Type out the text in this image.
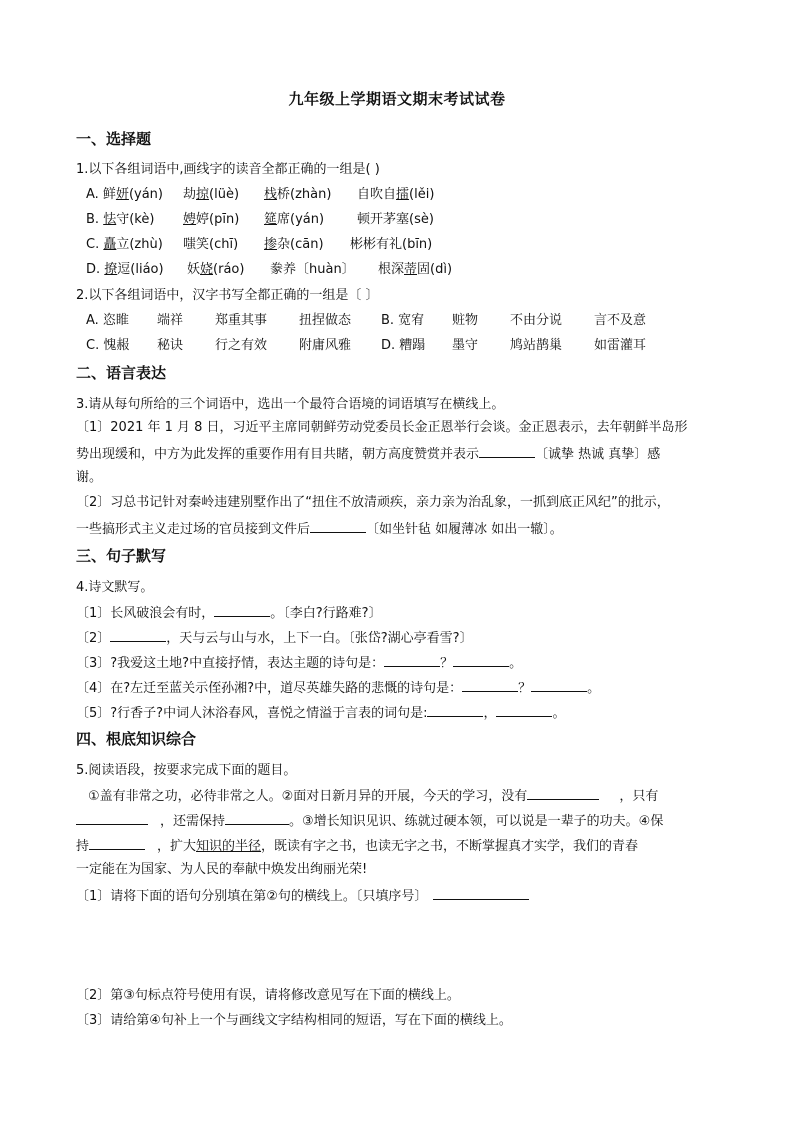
九年级上学期语文期末考试试卷
一、选择题
1.以下各组词语中,画线字的读音全都正确的一组是( )
A. 鲜妍(yán) 劫掠(lüè) 栈桥(zhàn) 自吹自擂(lěi)
B. 怯守(kè) 娉婷(pīn) 筵席(yán)	顿开茅塞(sè)
C. 矗立(zhù) 嗤笑(chī) 掺杂(cān) 彬彬有礼(bīn)
D. 撩逗(liáo) 妖娆(ráo) 豢养〔huàn〕 根深蒂固(dì)
2.以下各组词语中，汉字书写全都正确的一组是〔 〕
A. 恣睢 端祥 郑重其事 扭捏做态 B. 宽宥 赃物 不由分说 言不及意
C. 愧赧 秘诀 行之有效 附庸风雅 D. 糟蹋 墨守 鸠站鹊巢 如雷灌耳
二、语言表达
3.请从每句所给的三个词语中，选出一个最符合语境的词语填写在横线上。
〔1〕2021 年 1 月 8 日，习近平主席同朝鲜劳动党委员长金正恩举行会谈。金正恩表示，去年朝鲜半岛形
势出现缓和，中方为此发挥的重要作用有目共睹，朝方高度赞赏并表示	〔诚挚 热诚 真挚〕感
谢。
〔2〕习总书记针对秦岭违建别墅作出了“扭住不放清顽疾，亲力亲为治乱象，一抓到底正风纪”的批示，
一些搞形式主义走过场的官员接到文件后	〔如坐针毡 如履薄冰 如出一辙〕。
三、句子默写
4.诗文默写。
〔1〕长风破浪会有时，	。〔李白?行路难?〕
〔2〕	，天与云与山与水，上下一白。〔张岱?湖心亭看雪?〕
〔3〕?我爱这土地?中直接抒情，表达主题的诗句是：	？	。
〔4〕在?左迁至蓝关示侄孙湘?中，道尽英雄失路的悲慨的诗句是：	？	。
〔5〕?行香子?中词人沐浴春风，喜悦之情溢于言表的词句是:	，	。
四、根底知识综合
5.阅读语段，按要求完成下面的题目。
①盖有非常之功，必待非常之人。②面对日新月异的开展，今天的学习，没有	，只有
，还需保持	。③增长知识见识、练就过硬本领，可以说是一辈子的功夫。④保
持	，扩大知识的半径，既读有字之书，也读无字之书，不断掌握真才实学，我们的青春
一定能在为国家、为人民的奉献中焕发出绚丽光荣!
〔1〕请将下面的语句分别填在第②句的横线上。〔只填序号〕
〔2〕第③句标点符号使用有误，请将修改意见写在下面的横线上。
〔3〕请给第④句补上一个与画线文字结构相同的短语，写在下面的横线上。
